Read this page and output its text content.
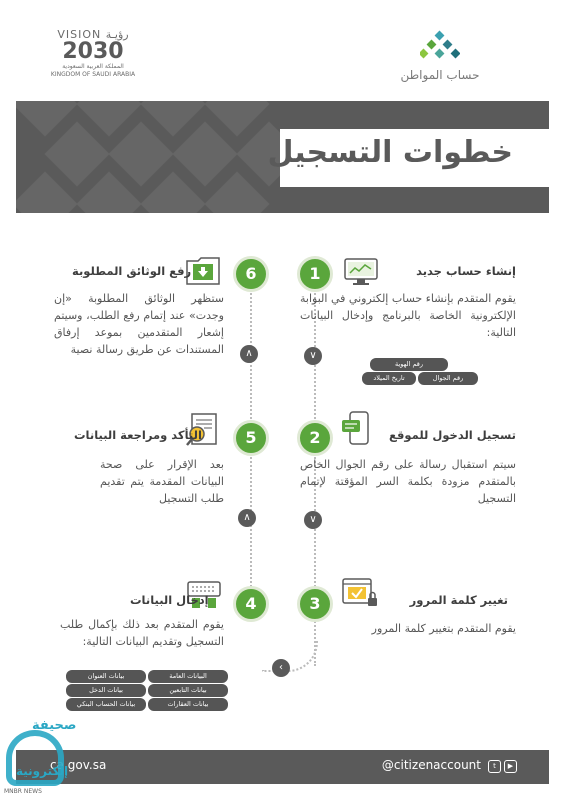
VISION رؤيـة
2030
المملكة العربية السعودية
KINGDOM OF SAUDI ARABIA	حساب المواطن
خطوات التسجيل
1	إنشاء حساب جديد
يقوم المتقدم بإنشاء حساب إلكتروني في البوابة الإلكترونية الخاصة بالبرنامج وإدخال البيانات التالية:
رقم الهوية
رقم الجوال
تاريخ الميلاد
∨
6
رفع الوثائق المطلوبة
ستظهر الوثائق المطلوبة «إن وجدت» عند إتمام رفع الطلب، وسيتم إشعار المتقدمين بموعد إرفاق المستندات عن طريق رسالة نصية	∧
2	تسجيل الدخول للموقع
سيتم استقبال رسالة على رقم الجوال الخاص بالمتقدم مزودة بكلمة السر المؤقتة لإتمام التسجيل
∨
5
التأكد ومراجعة البيانات
بعد الإقرار على صحة البيانات المقدمة يتم تقديم طلب التسجيل
∧
3	تغيير كلمة المرور
يقوم المتقدم بتغيير كلمة المرور
4
إدخال البيانات
يقوم المتقدم بعد ذلك بإكمال طلب التسجيل وتقديم البيانات التالية:
البيانات العامة
بيانات العنوان
بيانات التابعين
بيانات الدخل
بيانات العقارات
بيانات الحساب البنكي
‹
ca.gov.sa	@citizenaccount	t	▶
صحيفة
إلكترونية
MNBR NEWS
